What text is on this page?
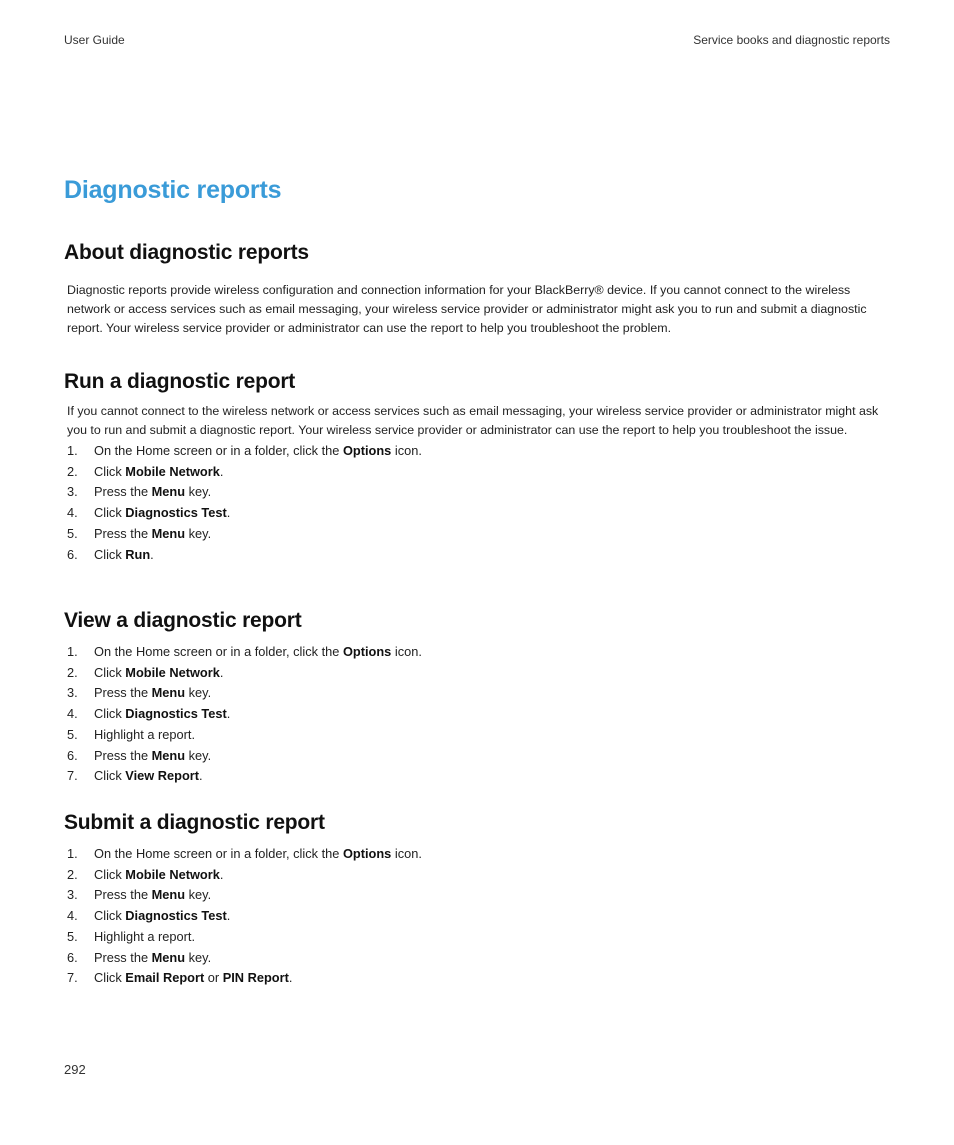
User Guide	Service books and diagnostic reports
Diagnostic reports
About diagnostic reports

Diagnostic reports provide wireless configuration and connection information for your BlackBerry® device. If you cannot connect to the wireless network or access services such as email messaging, your wireless service provider or administrator might ask you to run and submit a diagnostic report. Your wireless service provider or administrator can use the report to help you troubleshoot the problem.

Run a diagnostic report

If you cannot connect to the wireless network or access services such as email messaging, your wireless service provider or administrator might ask you to run and submit a diagnostic report. Your wireless service provider or administrator can use the report to help you troubleshoot the issue.

1. On the Home screen or in a folder, click the Options icon.
2. Click Mobile Network.
3. Press the Menu key.
4. Click Diagnostics Test.
5. Press the Menu key.
6. Click Run.
View a diagnostic report
1. On the Home screen or in a folder, click the Options icon.
2. Click Mobile Network.
3. Press the Menu key.
4. Click Diagnostics Test.
5. Highlight a report.
6. Press the Menu key.
7. Click View Report.
Submit a diagnostic report
1. On the Home screen or in a folder, click the Options icon.
2. Click Mobile Network.
3. Press the Menu key.
4. Click Diagnostics Test.
5. Highlight a report.
6. Press the Menu key.
7. Click Email Report or PIN Report.
292
